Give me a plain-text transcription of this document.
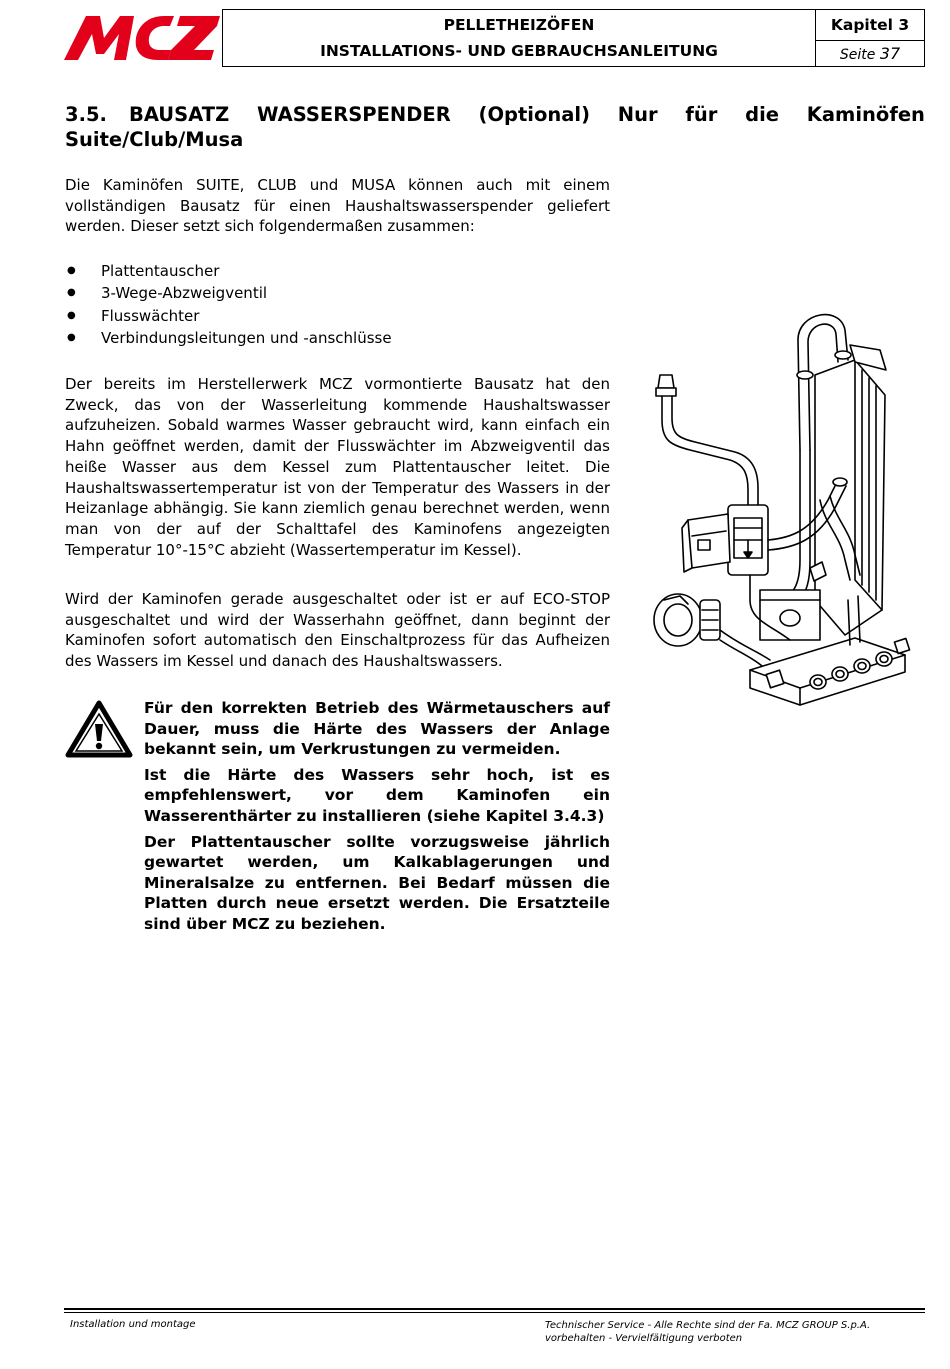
PELLETHEIZÖFEN
INSTALLATIONS- UND GEBRAUCHSANLEITUNG
Kapitel 3
Seite 37
3.5. BAUSATZ WASSERSPENDER (Optional) Nur für die Kaminöfen
Suite/Club/Musa
Die Kaminöfen SUITE, CLUB und MUSA können auch mit einem vollständigen Bausatz für einen Haushaltswasserspender geliefert werden. Dieser setzt sich folgendermaßen zusammen:
● Plattentauscher
● 3-Wege-Abzweigventil
● Flusswächter
● Verbindungsleitungen und -anschlüsse
Der bereits im Herstellerwerk MCZ vormontierte Bausatz hat den Zweck, das von der Wasserleitung kommende Haushaltswasser aufzuheizen. Sobald warmes Wasser gebraucht wird, kann einfach ein Hahn geöffnet werden, damit der Flusswächter im Abzweigventil das heiße Wasser aus dem Kessel zum Plattentauscher leitet. Die Haushaltswassertemperatur ist von der Temperatur des Wassers in der Heizanlage abhängig. Sie kann ziemlich genau berechnet werden, wenn man von der auf der Schalttafel des Kaminofens angezeigten Temperatur 10°-15°C abzieht (Wassertemperatur im Kessel).
Wird der Kaminofen gerade ausgeschaltet oder ist er auf ECO-STOP ausgeschaltet und wird der Wasserhahn geöffnet, dann beginnt der Kaminofen sofort automatisch den Einschaltprozess für das Aufheizen des Wassers im Kessel und danach des Haushaltswassers.

Für den korrekten Betrieb des Wärmetauschers auf Dauer, muss die Härte des Wassers der Anlage bekannt sein, um Verkrustungen zu vermeiden.

Ist die Härte des Wassers sehr hoch, ist es empfehlenswert, vor dem Kaminofen ein Wasserenthärter zu installieren (siehe Kapitel 3.4.3)

Der Plattentauscher sollte vorzugsweise jährlich gewartet werden, um Kalkablagerungen und Mineralsalze zu entfernen. Bei Bedarf müssen die Platten durch neue ersetzt werden. Die Ersatzteile sind über MCZ zu beziehen.

Installation und montage	Technischer Service - Alle Rechte sind der Fa. MCZ GROUP S.p.A. vorbehalten - Vervielfältigung verboten
